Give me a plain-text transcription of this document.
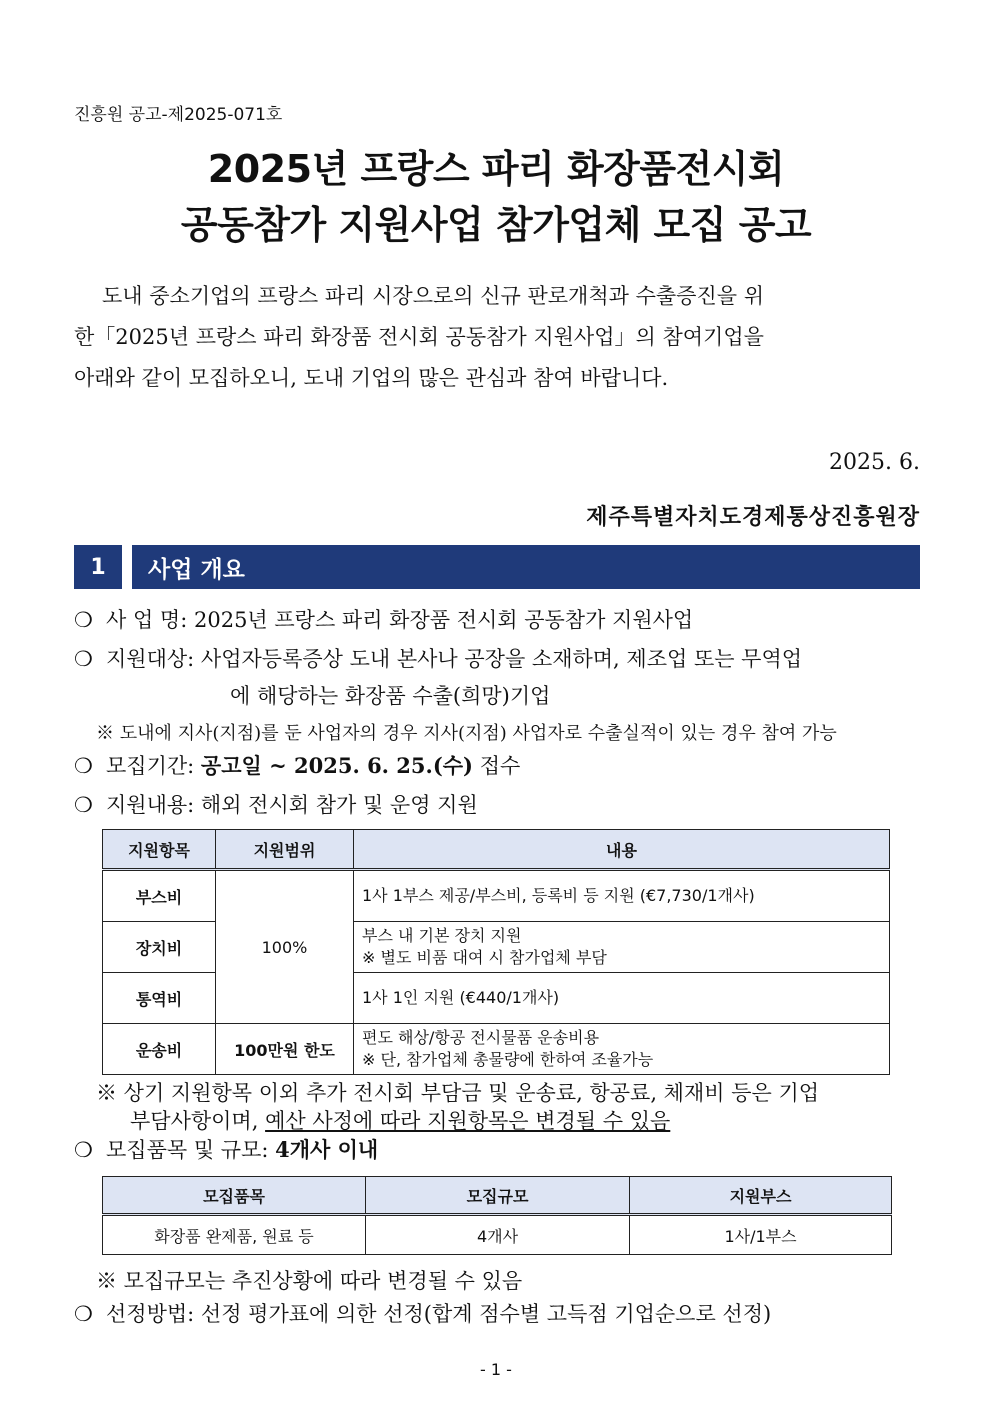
진흥원 공고-제2025-071호
2025년 프랑스 파리 화장품전시회
공동참가 지원사업 참가업체 모집 공고

도내 중소기업의 프랑스 파리 시장으로의 신규 판로개척과 수출증진을 위

한「2025년 프랑스 파리 화장품 전시회 공동참가 지원사업」의 참여기업을

아래와 같이 모집하오니, 도내 기업의 많은 관심과 참여 바랍니다.

2025. 6.
제주특별자치도경제통상진흥원장
1	사업 개요
❍ 사 업 명: 2025년 프랑스 파리 화장품 전시회 공동참가 지원사업
❍ 지원대상: 사업자등록증상 도내 본사나 공장을 소재하며, 제조업 또는 무역업
에 해당하는 화장품 수출(희망)기업
※ 도내에 지사(지점)를 둔 사업자의 경우 지사(지점) 사업자로 수출실적이 있는 경우 참여 가능
❍ 모집기간: 공고일 ~ 2025. 6. 25.(수) 접수
❍ 지원내용: 해외 전시회 참가 및 운영 지원
지원항목	지원범위	내용
부스비	100%	1사 1부스 제공/부스비, 등록비 등 지원 (€7,730/1개사)
장치비		부스 내 기본 장치 지원
※ 별도 비품 대여 시 참가업체 부담

통역비		1사 1인 지원 (€440/1개사)
운송비	100만원 한도	편도 해상/항공 전시물품 운송비용
※ 단, 참가업체 총물량에 한하여 조율가능
※ 상기 지원항목 이외 추가 전시회 부담금 및 운송료, 항공료, 체재비 등은 기업
부담사항이며, 예산 사정에 따라 지원항목은 변경될 수 있음
❍ 모집품목 및 규모: 4개사 이내
모집품목	모집규모	지원부스
화장품 완제품, 원료 등	4개사	1사/1부스
※ 모집규모는 추진상황에 따라 변경될 수 있음
❍ 선정방법: 선정 평가표에 의한 선정(합계 점수별 고득점 기업순으로 선정)
- 1 -
